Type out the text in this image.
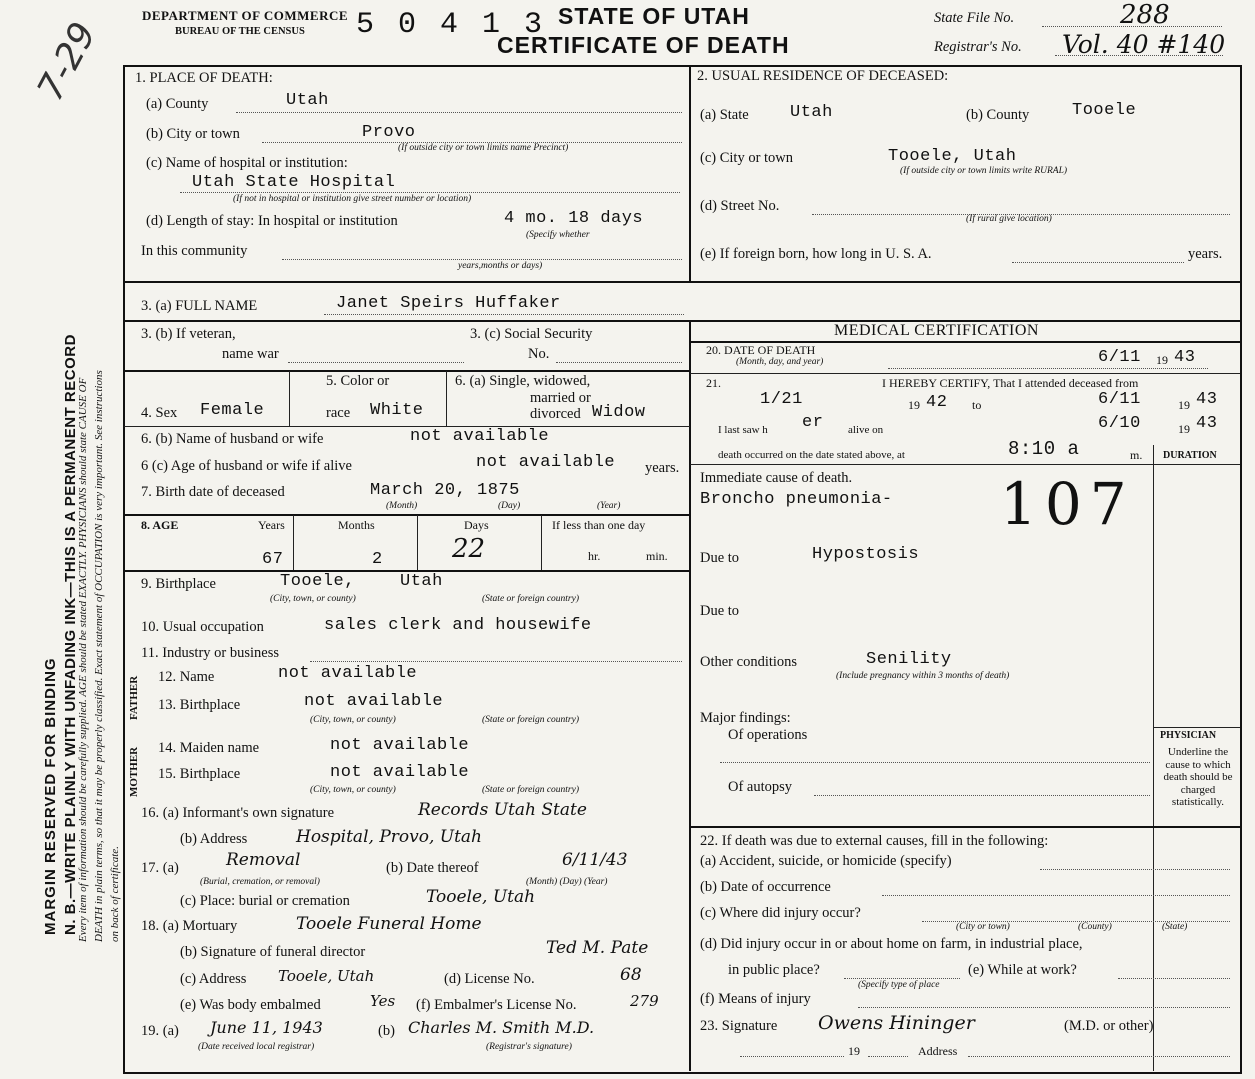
7-29
DEPARTMENT OF COMMERCE
BUREAU OF THE CENSUS 5 0 4 1 3 STATE OF UTAH
CERTIFICATE OF DEATH
State File No.	288
Registrar's No. Vol. 40 #140
MARGIN RESERVED FOR BINDING N. B.—WRITE PLAINLY WITH UNFADING INK—THIS IS A PERMANENT RECORD
Every item of information should be carefully supplied. AGE should be stated EXACTLY. PHYSICIANS should state CAUSE OF DEATH in plain terms, so that it may be properly classified. Exact statement of OCCUPATION is very important. See instructions on back of certificate.
1. PLACE OF DEATH:
(a) County	Utah
(b) City or town	Provo
(If outside city or town limits name Precinct)
(c) Name of hospital or institution:
Utah State Hospital
(If not in hospital or institution give street number or location)
(d) Length of stay: In hospital or institution	4 mo. 18 days
(Specify whether
In this community
years,months or days)
2. USUAL RESIDENCE OF DECEASED:
(a) State Utah	(b) County	Tooele
(c) City or town	Tooele, Utah
(If outside city or town limits write RURAL)
(d) Street No.
(If rural give location)
(e) If foreign born, how long in U. S. A.	years.
3. (a) FULL NAME	Janet Speirs Huffaker
3. (b) If veteran,
name war
3. (c) Social Security
No.
4. Sex Female
5. Color or
race White
6. (a) Single, widowed,
married or
divorced Widow
6. (b) Name of husband or wife	not available
6 (c) Age of husband or wife if alive	not available years.
7. Birth date of deceased	March 20, 1875
(Month)	(Day)	(Year)
8. AGE	Years	Months	Days	If less than one day
hr.	min.
67	2	22
9. Birthplace	Tooele,	Utah
(City, town, or county)	(State or foreign country)
10. Usual occupation	sales clerk and housewife
11. Industry or business
FATHER
MOTHER
12. Name	not available
13. Birthplace	not available
(City, town, or county)	(State or foreign country)
14. Maiden name	not available
15. Birthplace	not available
(City, town, or county)	(State or foreign country)
16. (a) Informant's own signature	Records Utah State
(b) Address	Hospital, Provo, Utah
17. (a)	Removal
(Burial, cremation, or removal)
(b) Date thereof	6/11/43
(Month) (Day) (Year)
(c) Place: burial or cremation	Tooele, Utah
18. (a) Mortuary	Tooele Funeral Home
(b) Signature of funeral director	Ted M. Pate
(c) Address Tooele, Utah	(d) License No.	68
(e) Was body embalmed	Yes (f) Embalmer's License No.	279
19. (a) June 11, 1943	(b) Charles M. Smith M.D.
(Date received local registrar)	(Registrar's signature)
MEDICAL CERTIFICATION
20. DATE OF DEATH
(Month, day, and year)	6/11 19 43
21.	I HEREBY CERTIFY, That I attended deceased from
1/21	19 42 to	6/11	19 43
I last saw h er alive on	6/10	19 43
death occurred on the date stated above, at	8:10 a	m. DURATION
Immediate cause of death.
Broncho pneumonia- 107
Due to	Hypostosis
Due to
Other conditions	Senility
(Include pregnancy within 3 months of death)
Major findings:
Of operations
Of autopsy
PHYSICIAN
Underline the cause to which death should be charged statistically.
22. If death was due to external causes, fill in the following:
(a) Accident, suicide, or homicide (specify)
(b) Date of occurrence
(c) Where did injury occur?
(City or town)	(County)	(State)
(d) Did injury occur in or about home on farm, in industrial place,
in public place?
(Specify type of place
(e) While at work?
(f) Means of injury
23. Signature Owens Hininger	(M.D. or other)
19	Address
